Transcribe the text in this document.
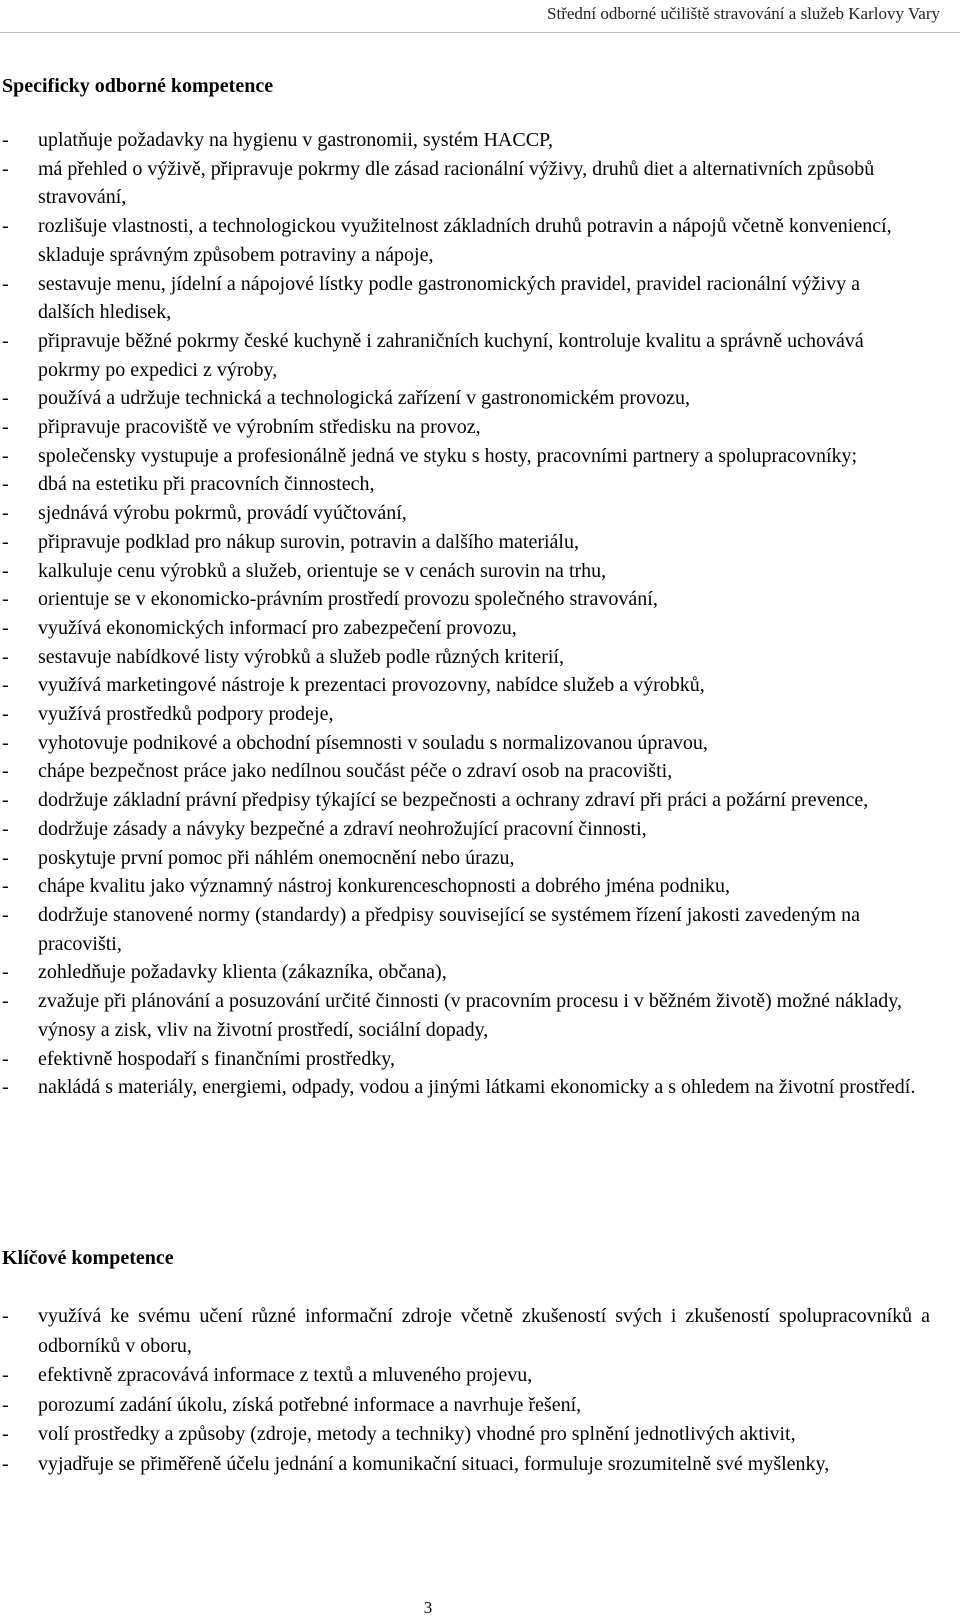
Střední odborné učiliště stravování a služeb Karlovy Vary
Specificky odborné kompetence
- uplatňuje požadavky na hygienu v gastronomii, systém HACCP,
- má přehled o výživě, připravuje pokrmy dle zásad racionální výživy, druhů diet a alternativních způsobů stravování,
- rozlišuje vlastnosti, a technologickou využitelnost základních druhů potravin a nápojů včetně konveniencí, skladuje správným způsobem potraviny a nápoje,
- sestavuje menu, jídelní a nápojové lístky podle gastronomických pravidel, pravidel racionální výživy a dalších hledisek,
- připravuje běžné pokrmy české kuchyně i zahraničních kuchyní, kontroluje kvalitu a správně uchovává pokrmy po expedici z výroby,
- používá a udržuje technická a technologická zařízení v gastronomickém provozu,
- připravuje pracoviště ve výrobním středisku na provoz,
- společensky vystupuje a profesionálně jedná ve styku s hosty, pracovními partnery a spolupracovníky;
- dbá na estetiku při pracovních činnostech,
- sjednává výrobu pokrmů, provádí vyúčtování,
- připravuje podklad pro nákup surovin, potravin a dalšího materiálu,
- kalkuluje cenu výrobků a služeb, orientuje se v cenách surovin na trhu,
- orientuje se v ekonomicko-právním prostředí provozu společného stravování,
- využívá ekonomických informací pro zabezpečení provozu,
- sestavuje nabídkové listy výrobků a služeb podle různých kriterií,
- využívá marketingové nástroje k prezentaci provozovny, nabídce služeb a výrobků,
- využívá prostředků podpory prodeje,
- vyhotovuje podnikové a obchodní písemnosti v souladu s normalizovanou úpravou,
- chápe bezpečnost práce jako nedílnou součást péče o zdraví osob na pracovišti,
- dodržuje základní právní předpisy týkající se bezpečnosti a ochrany zdraví při práci a požární prevence,
- dodržuje zásady a návyky bezpečné a zdraví neohrožující pracovní činnosti,
- poskytuje první pomoc při náhlém onemocnění nebo úrazu,
- chápe kvalitu jako významný nástroj konkurenceschopnosti a dobrého jména podniku,
- dodržuje stanovené normy (standardy) a předpisy související se systémem řízení jakosti zavedeným na pracovišti,
- zohledňuje požadavky klienta (zákazníka, občana),
- zvažuje při plánování a posuzování určité činnosti (v pracovním procesu i v běžném životě) možné náklady, výnosy a zisk, vliv na životní prostředí, sociální dopady,
- efektivně hospodaří s finančními prostředky,
- nakládá s materiály, energiemi, odpady, vodou a jinými látkami ekonomicky a s ohledem na životní prostředí.
Klíčové kompetence
- využívá ke svému učení různé informační zdroje včetně zkušeností svých i zkušeností spolupracovníků a odborníků v oboru,
- efektivně zpracovává informace z textů a mluveného projevu,
- porozumí zadání úkolu, získá potřebné informace a navrhuje řešení,
- volí prostředky a způsoby (zdroje, metody a techniky) vhodné pro splnění jednotlivých aktivit,
- vyjadřuje se přiměřeně účelu jednání a komunikační situaci, formuluje srozumitelně své myšlenky,
3
